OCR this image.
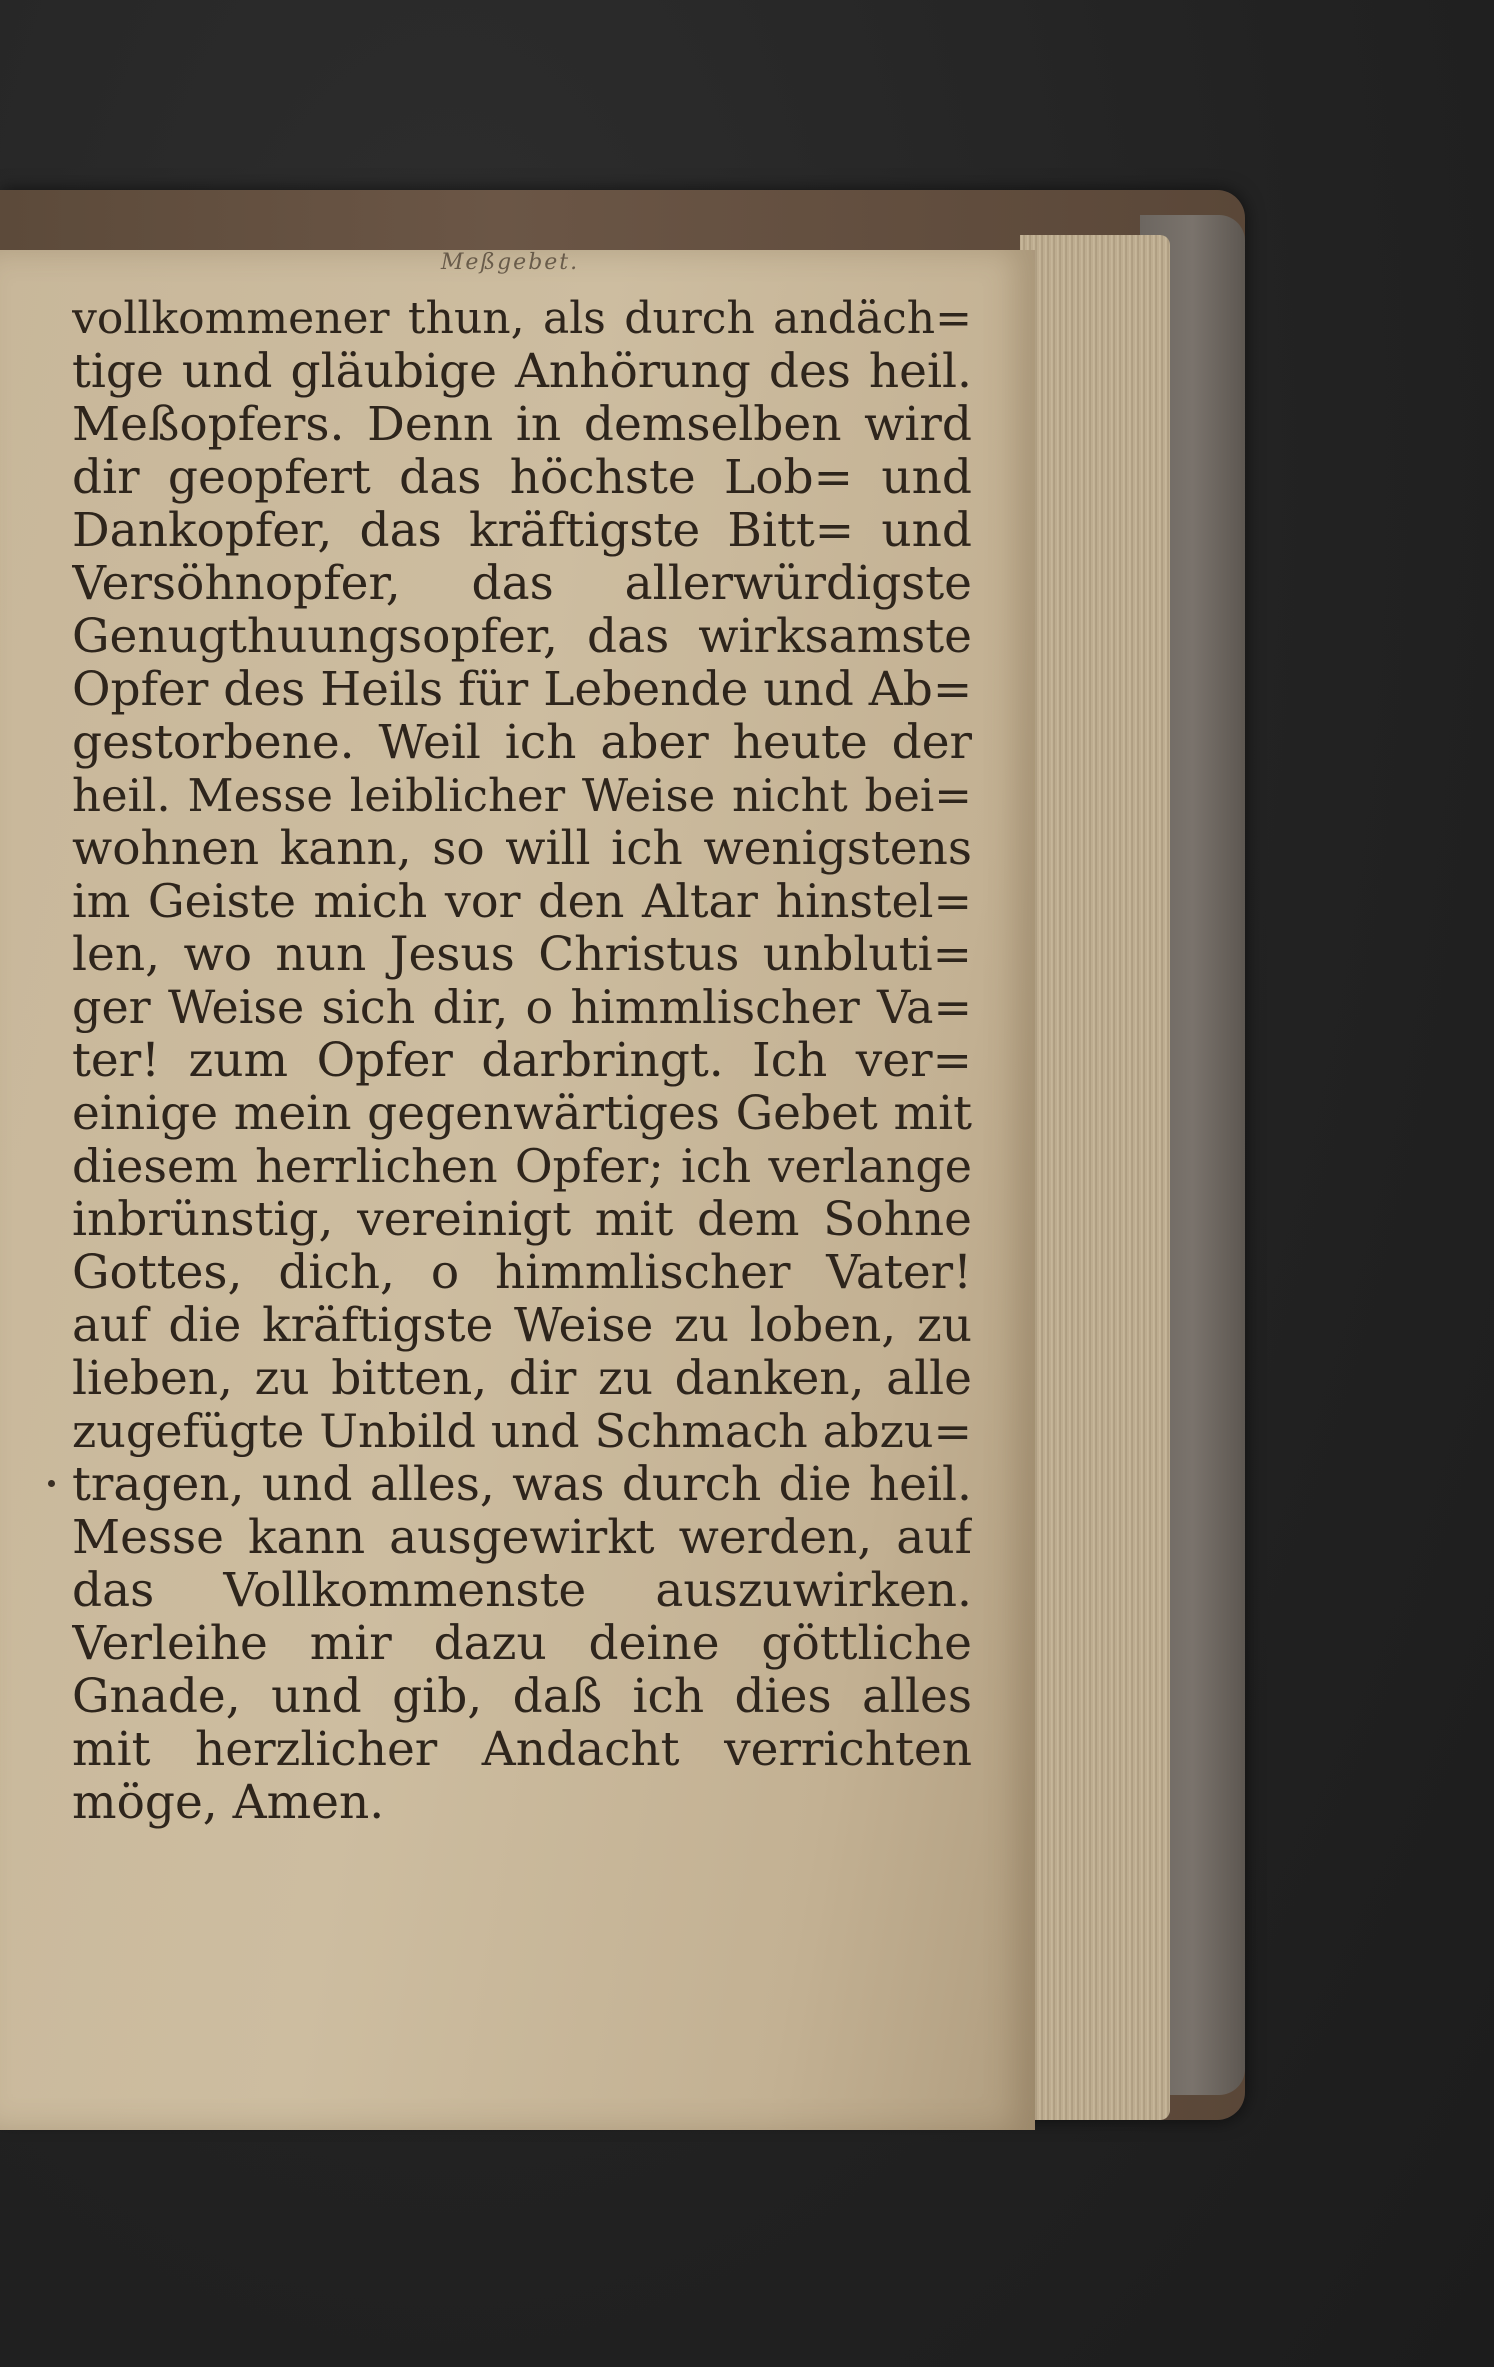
Meßgebet.
vollkommener thun, als durch andäch=
tige und gläubige Anhörung des heil.
Meßopfers. Denn in demselben wird
dir geopfert das höchste Lob= und
Dankopfer, das kräftigste Bitt= und
Versöhnopfer, das allerwürdigste
Genugthuungsopfer, das wirksamste
Opfer des Heils für Lebende und Ab=
gestorbene. Weil ich aber heute der
heil. Messe leiblicher Weise nicht bei=
wohnen kann, so will ich wenigstens
im Geiste mich vor den Altar hinstel=
len, wo nun Jesus Christus unbluti=
ger Weise sich dir, o himmlischer Va=
ter! zum Opfer darbringt. Ich ver=
einige mein gegenwärtiges Gebet mit
diesem herrlichen Opfer; ich verlange
inbrünstig, vereinigt mit dem Sohne
Gottes, dich, o himmlischer Vater!
auf die kräftigste Weise zu loben, zu
lieben, zu bitten, dir zu danken, alle
zugefügte Unbild und Schmach abzu=
tragen, und alles, was durch die heil.
Messe kann ausgewirkt werden, auf
das Vollkommenste auszuwirken.
Verleihe mir dazu deine göttliche
Gnade, und gib, daß ich dies alles
mit herzlicher Andacht verrichten
möge, Amen.
